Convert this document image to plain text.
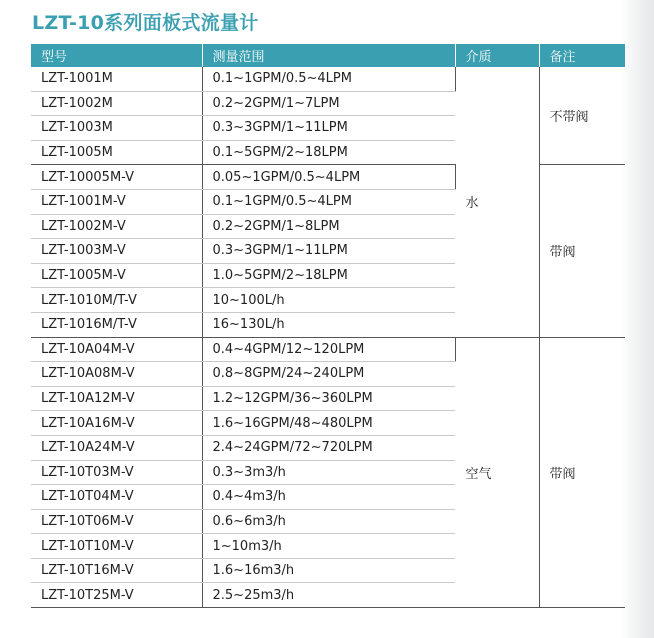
LZT-10系列面板式流量计
型号	测量范围	介质	备注
LZT-1001M	0.1~1GPM/0.5~4LPM	水	不带阀
LZT-1002M	0.2~2GPM/1~7LPM		
LZT-1003M	0.3~3GPM/1~11LPM		
LZT-1005M	0.1~5GPM/2~18LPM		
LZT-10005M-V	0.05~1GPM/0.5~4LPM		带阀
LZT-1001M-V	0.1~1GPM/0.5~4LPM		
LZT-1002M-V	0.2~2GPM/1~8LPM		
LZT-1003M-V	0.3~3GPM/1~11LPM		
LZT-1005M-V	1.0~5GPM/2~18LPM		
LZT-1010M/T-V	10~100L/h		
LZT-1016M/T-V	16~130L/h		
LZT-10A04M-V	0.4~4GPM/12~120LPM	空气	带阀
LZT-10A08M-V	0.8~8GPM/24~240LPM		
LZT-10A12M-V	1.2~12GPM/36~360LPM		
LZT-10A16M-V	1.6~16GPM/48~480LPM		
LZT-10A24M-V	2.4~24GPM/72~720LPM		
LZT-10T03M-V	0.3~3m3/h		
LZT-10T04M-V	0.4~4m3/h		
LZT-10T06M-V	0.6~6m3/h		
LZT-10T10M-V	1~10m3/h		
LZT-10T16M-V	1.6~16m3/h		
LZT-10T25M-V	2.5~25m3/h		
